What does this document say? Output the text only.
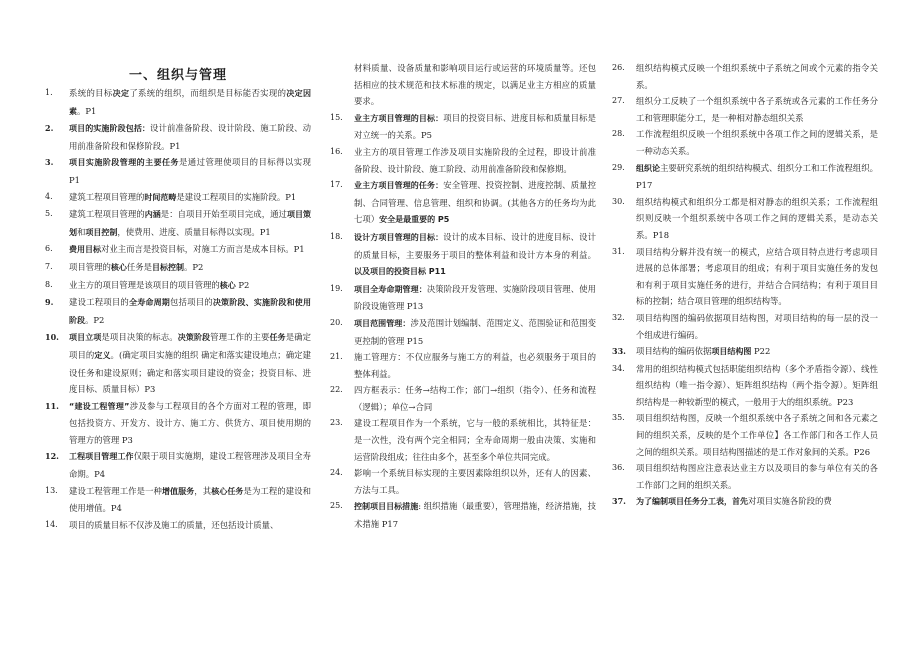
一、组织与管理
1.	系统的目标决定了系统的组织，而组织是目标能否实现的决定因素。P1
2.	项目的实施阶段包括：设计前准备阶段、设计阶段、施工阶段、动用前准备阶段和保修阶段。P1
3.	项目实施阶段管理的主要任务是通过管理使项目的目标得以实现 P1
4.	建筑工程项目管理的时间范畴是建设工程项目的实施阶段。P1
5.	建筑工程项目管理的内涵是：自项目开始至项目完成，通过项目策划和项目控制，使费用、进度、质量目标得以实现。P1
6.	费用目标对业主而言是投资目标，对施工方而言是成本目标。P1
7.	项目管理的核心任务是目标控制。P2
8.	业主方的项目管理是该项目的项目管理的核心 P2
9.	建设工程项目的全寿命周期包括项目的决策阶段、实施阶段和使用阶段。P2
10.	项目立项是项目决策的标志。决策阶段管理工作的主要任务是确定项目的定义。(确定项目实施的组织 确定和落实建设地点；确定建设任务和建设原则；确定和落实项目建设的资金；投资目标、进度目标、质量目标）P3
11.	“建设工程管理”涉及参与工程项目的各个方面对工程的管理，即包括投资方、开发方、设计方、施工方、供货方、项目使用期的管理方的管理 P3
12.	工程项目管理工作仅限于项目实施期，建设工程管理涉及项目全寿命期。P4
13.	建设工程管理工作是一种增值服务，其核心任务是为工程的建设和使用增值。P4
14.	项目的质量目标不仅涉及施工的质量，还包括设计质量、
材料质量、设备质量和影响项目运行或运营的环境质量等。还包括相应的技术规范和技术标准的规定，以满足业主方相应的质量要求。
15.	业主方项目管理的目标：项目的投资目标、进度目标和质量目标是对立统一的关系。P5
16.	业主方的项目管理工作涉及项目实施阶段的全过程，即设计前准备阶段、设计阶段、施工阶段、动用前准备阶段和保修期。
17.	业主方项目管理的任务：安全管理、投资控制、进度控制、质量控制、合同管理、信息管理、组织和协调。(其他各方的任务均为此七项）安全是最重要的 P5
18.	设计方项目管理的目标：设计的成本目标、设计的进度目标、设计的质量目标，主要服务于项目的整体利益和设计方本身的利益。以及项目的投资目标 P11
19.	项目全寿命期管理：决策阶段开发管理、实施阶段项目管理、使用阶段设施管理 P13
20.	项目范围管理：涉及范围计划编制、范围定义、范围验证和范围变更控制的管理 P15
21.	施工管理方：不仅应服务与施工方的利益，也必须服务于项目的整体利益。
22.	四方框表示：任务→结构工作；部门→组织（指令）、任务和流程（逻辑）；单位→合同
23.	建设工程项目作为一个系统，它与一般的系统相比，其特征是：是一次性，没有两个完全相同；全寿命周期一般由决策、实施和运营阶段组成；往往由多个，甚至多个单位共同完成。
24.	影响一个系统目标实现的主要因素除组织以外，还有人的因素、方法与工具。
25.	控制项目目标措施: 组织措施（最重要），管理措施，经济措施，技术措施 P17
26.	组织结构模式反映一个组织系统中子系统之间或个元素的指令关系。
27.	组织分工反映了一个组织系统中各子系统或各元素的工作任务分工和管理职能分工，是一种相对静态组织关系
28.	工作流程组织反映一个组织系统中各项工作之间的逻辑关系，是一种动态关系。
29.	组织论主要研究系统的组织结构模式、组织分工和工作流程组织。P17
30.	组织结构模式和组织分工都是相对静态的组织关系；工作流程组织则反映一个组织系统中各项工作之间的逻辑关系，是动态关系。P18
31.	项目结构分解并没有统一的模式，应结合项目特点进行考虑项目进展的总体部署；考虑项目的组成；有利于项目实施任务的发包和有利于项目实施任务的进行，并结合合同结构；有利于项目目标的控制；结合项目管理的组织结构等。
32.	项目结构图的编码依据项目结构图，对项目结构的每一层的没一个组成进行编码。
33.	项目结构的编码依据项目结构图 P22
34.	常用的组织结构模式包括职能组织结构（多个矛盾指令源）、线性组织结构（唯一指令源）、矩阵组织结构（两个指令源）。矩阵组织结构是一种较新型的模式，一般用于大的组织系统。P23
35.	项目组织结构图，反映一个组织系统中各子系统之间和各元素之间的组织关系，反映的是个工作单位】各工作部门和各工作人员之间的组织关系。项目结构图描述的是工作对象间的关系。P26
36.	项目组织结构图应注意表达业主方以及项目的参与单位有关的各工作部门之间的组织关系。
37.	为了编制项目任务分工表，首先对项目实施各阶段的费
